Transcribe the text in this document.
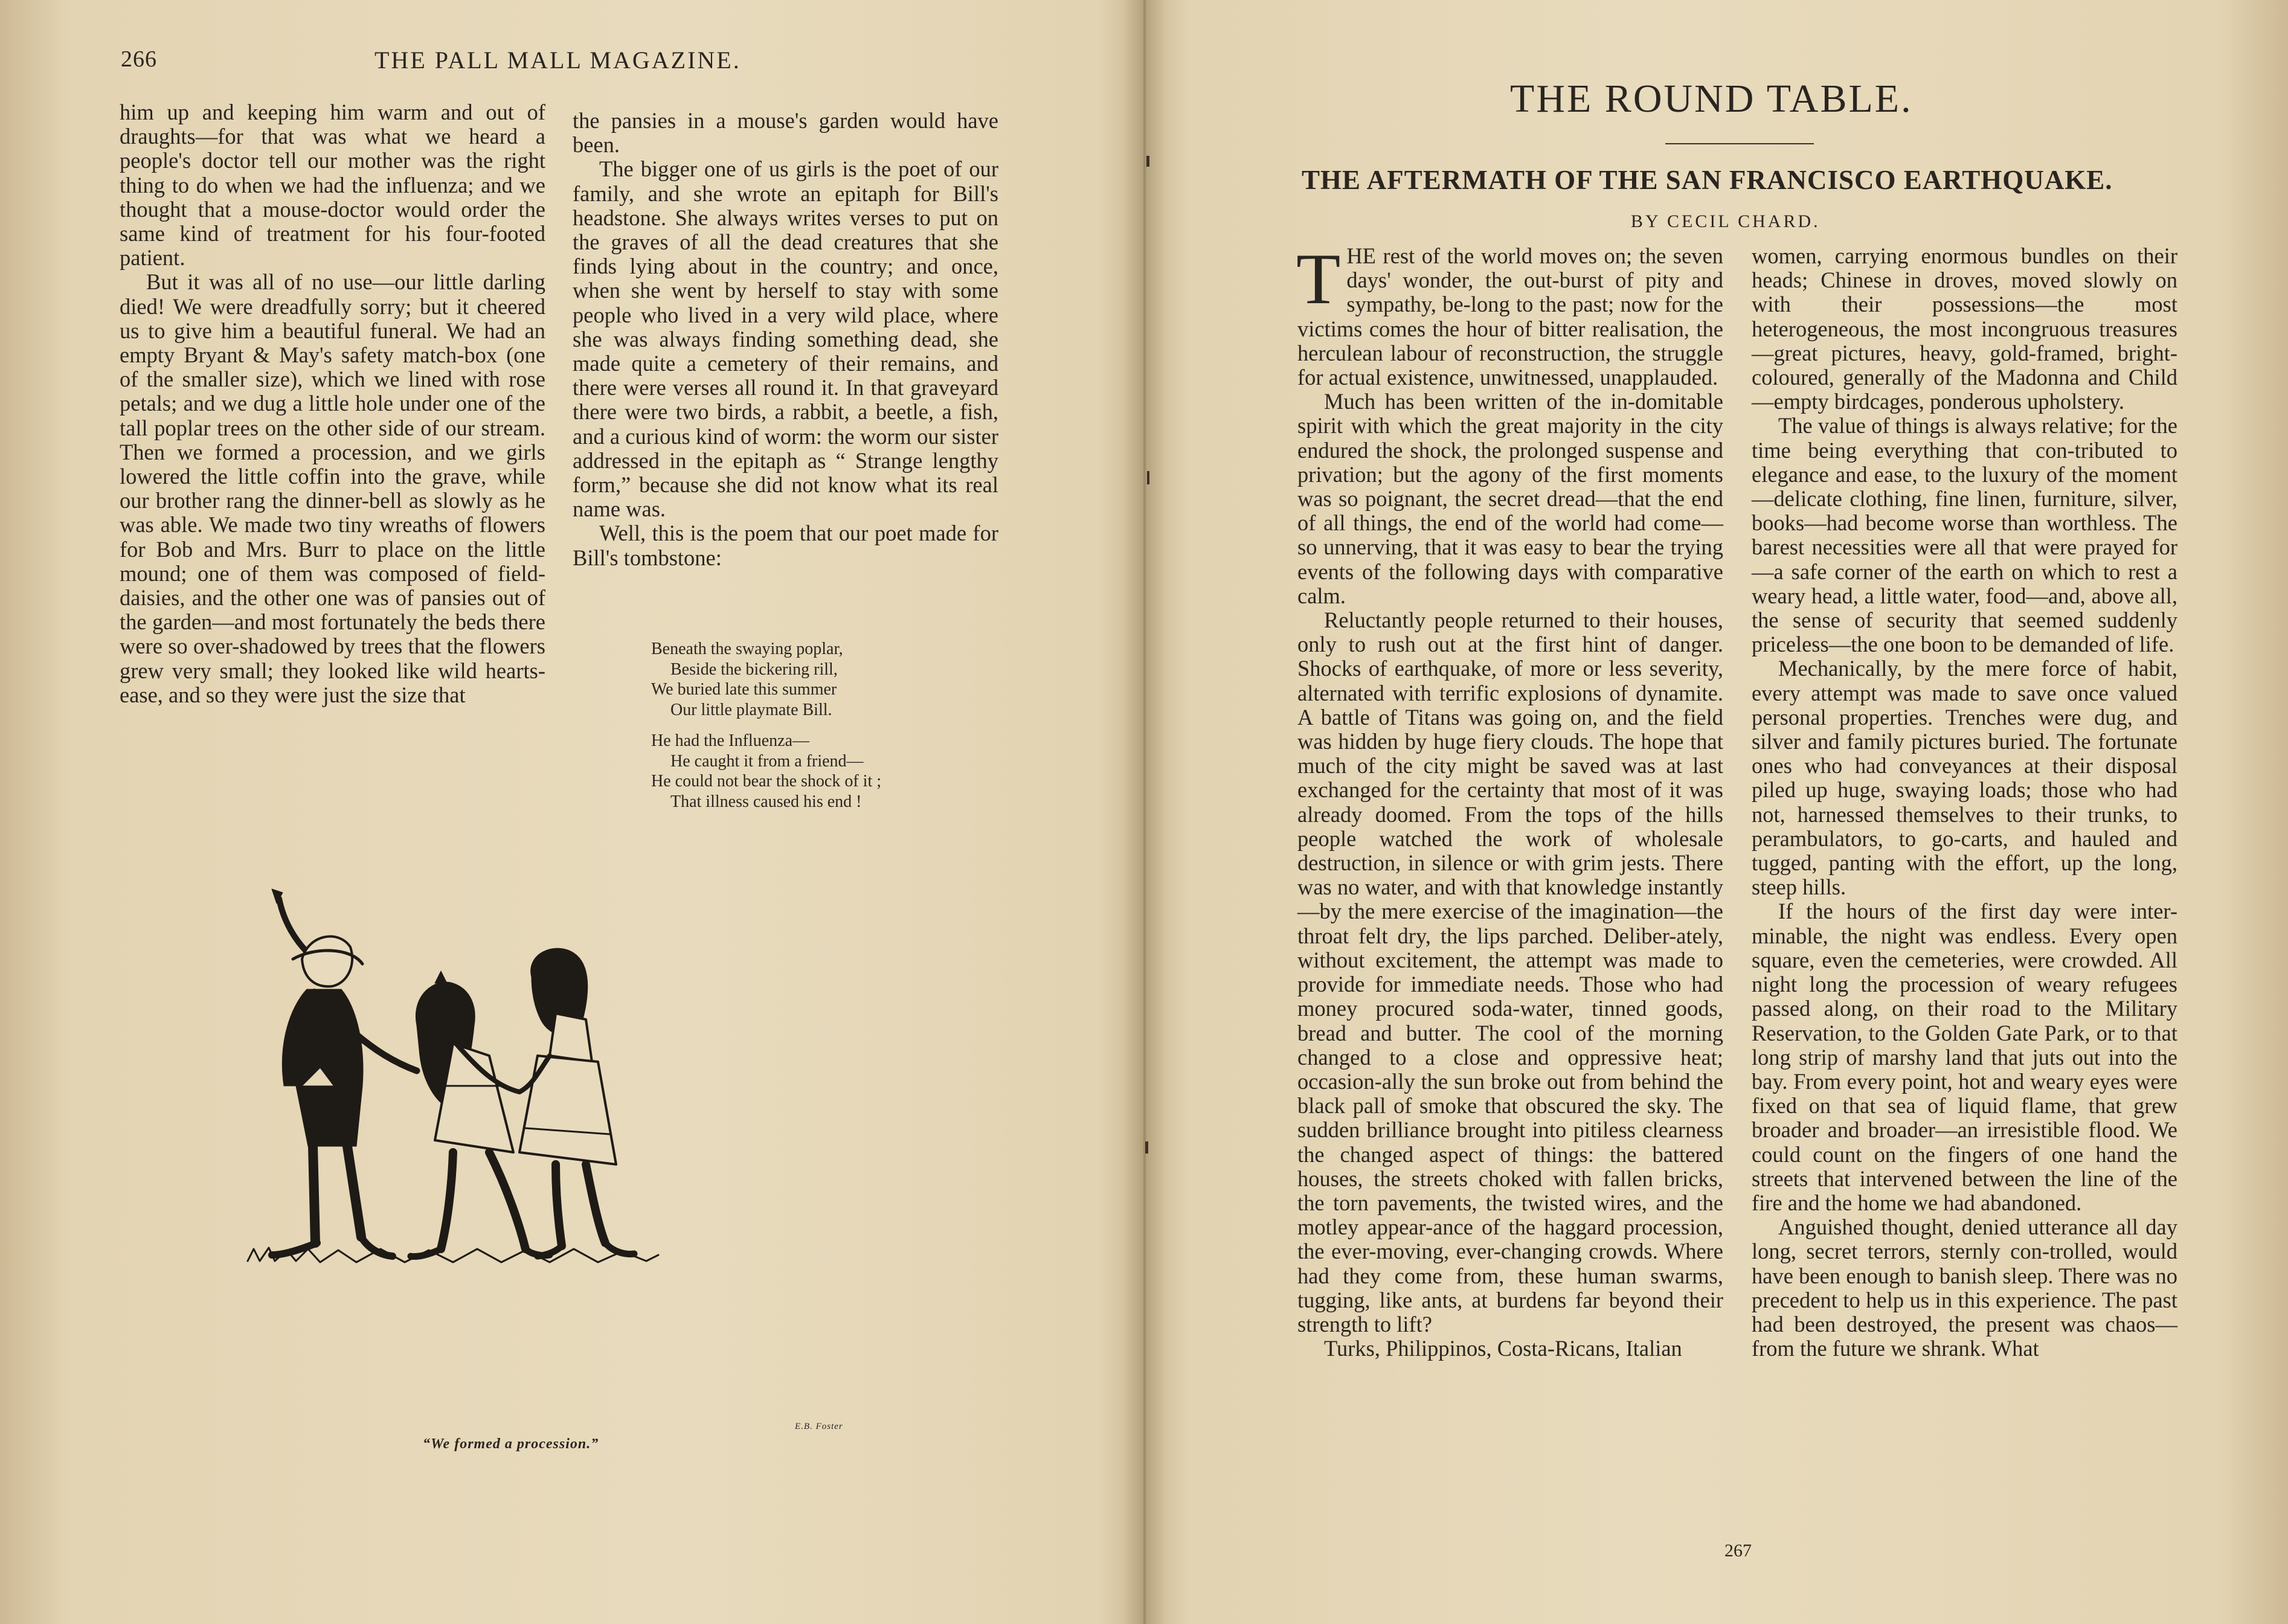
266	THE PALL MALL MAGAZINE.

him up and keeping him warm and out of draughts—for that was what we heard a people's doctor tell our mother was the right thing to do when we had the influenza; and we thought that a mouse-doctor would order the same kind of treatment for his four-footed patient.

But it was all of no use—our little darling died! We were dreadfully sorry; but it cheered us to give him a beautiful funeral. We had an empty Bryant & May's safety match-box (one of the smaller size), which we lined with rose petals; and we dug a little hole under one of the tall poplar trees on the other side of our stream. Then we formed a procession, and we girls lowered the little coffin into the grave, while our brother rang the dinner-bell as slowly as he was able. We made two tiny wreaths of flowers for Bob and Mrs. Burr to place on the little mound; one of them was composed of field-daisies, and the other one was of pansies out of the garden—and most fortunately the beds there were so over-shadowed by trees that the flowers grew very small; they looked like wild hearts-ease, and so they were just the size that

the pansies in a mouse's garden would have been.

The bigger one of us girls is the poet of our family, and she wrote an epitaph for Bill's headstone. She always writes verses to put on the graves of all the dead creatures that she finds lying about in the country; and once, when she went by herself to stay with some people who lived in a very wild place, where she was always finding something dead, she made quite a cemetery of their remains, and there were verses all round it. In that graveyard there were two birds, a rabbit, a beetle, a fish, and a curious kind of worm: the worm our sister addressed in the epitaph as “ Strange lengthy form,” because she did not know what its real name was.

Well, this is the poem that our poet made for Bill's tombstone:

Beneath the swaying poplar,
Beside the bickering rill,
We buried late this summer
Our little playmate Bill.
He had the Influenza—
He caught it from a friend—
He could not bear the shock of it ;
That illness caused his end !
E.B. Foster
“We formed a procession.”
THE ROUND TABLE.
THE AFTERMATH OF THE SAN FRANCISCO EARTHQUAKE.
BY CECIL CHARD.

THE rest of the world moves on; the seven days' wonder, the out-burst of pity and sympathy, be-long to the past; now for the victims comes the hour of bitter realisation, the herculean labour of reconstruction, the struggle for actual existence, unwitnessed, unapplauded.

Much has been written of the in-domitable spirit with which the great majority in the city endured the shock, the prolonged suspense and privation; but the agony of the first moments was so poignant, the secret dread—that the end of all things, the end of the world had come—so unnerving, that it was easy to bear the trying events of the following days with comparative calm.

Reluctantly people returned to their houses, only to rush out at the first hint of danger. Shocks of earthquake, of more or less severity, alternated with terrific explosions of dynamite. A battle of Titans was going on, and the field was hidden by huge fiery clouds. The hope that much of the city might be saved was at last exchanged for the certainty that most of it was already doomed. From the tops of the hills people watched the work of wholesale destruction, in silence or with grim jests. There was no water, and with that knowledge instantly—by the mere exercise of the imagination—the throat felt dry, the lips parched. Deliber-ately, without excitement, the attempt was made to provide for immediate needs. Those who had money procured soda-water, tinned goods, bread and butter. The cool of the morning changed to a close and oppressive heat; occasion-ally the sun broke out from behind the black pall of smoke that obscured the sky. The sudden brilliance brought into pitiless clearness the changed aspect of things: the battered houses, the streets choked with fallen bricks, the torn pavements, the twisted wires, and the motley appear-ance of the haggard procession, the ever-moving, ever-changing crowds. Where had they come from, these human swarms, tugging, like ants, at burdens far beyond their strength to lift?

Turks, Philippinos, Costa-Ricans, Italian

women, carrying enormous bundles on their heads; Chinese in droves, moved slowly on with their possessions—the most heterogeneous, the most incongruous treasures—great pictures, heavy, gold-framed, bright-coloured, generally of the Madonna and Child—empty birdcages, ponderous upholstery.

The value of things is always relative; for the time being everything that con-tributed to elegance and ease, to the luxury of the moment—delicate clothing, fine linen, furniture, silver, books—had become worse than worthless. The barest necessities were all that were prayed for—a safe corner of the earth on which to rest a weary head, a little water, food—and, above all, the sense of security that seemed suddenly priceless—the one boon to be demanded of life.

Mechanically, by the mere force of habit, every attempt was made to save once valued personal properties. Trenches were dug, and silver and family pictures buried. The fortunate ones who had conveyances at their disposal piled up huge, swaying loads; those who had not, harnessed themselves to their trunks, to perambulators, to go-carts, and hauled and tugged, panting with the effort, up the long, steep hills.

If the hours of the first day were inter-minable, the night was endless. Every open square, even the cemeteries, were crowded. All night long the procession of weary refugees passed along, on their road to the Military Reservation, to the Golden Gate Park, or to that long strip of marshy land that juts out into the bay. From every point, hot and weary eyes were fixed on that sea of liquid flame, that grew broader and broader—an irresistible flood. We could count on the fingers of one hand the streets that intervened between the line of the fire and the home we had abandoned.

Anguished thought, denied utterance all day long, secret terrors, sternly con-trolled, would have been enough to banish sleep. There was no precedent to help us in this experience. The past had been destroyed, the present was chaos—from the future we shrank. What

267
